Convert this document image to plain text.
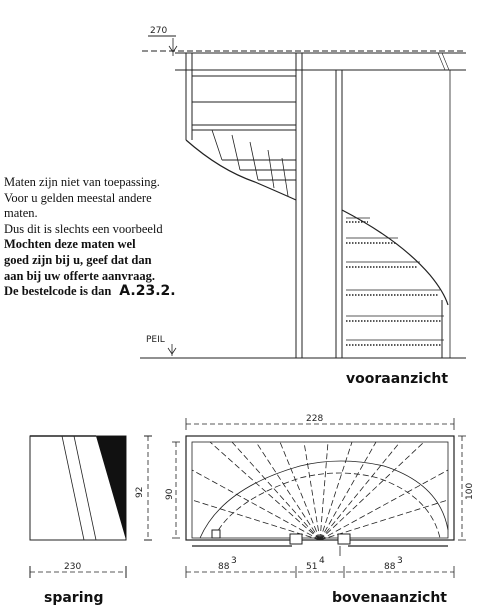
270
PEIL
vooraanzicht
92
230
sparing
228
90	100
88
3
51
4
88
3
bovenaanzicht
Maten zijn niet van toepassing.
Voor u gelden meestal andere
maten.
Dus dit is slechts een voorbeeld
Mochten deze maten wel
goed zijn bij u, geef dat dan
aan bij uw offerte aanvraag.
De bestelcode is dan A.23.2.
